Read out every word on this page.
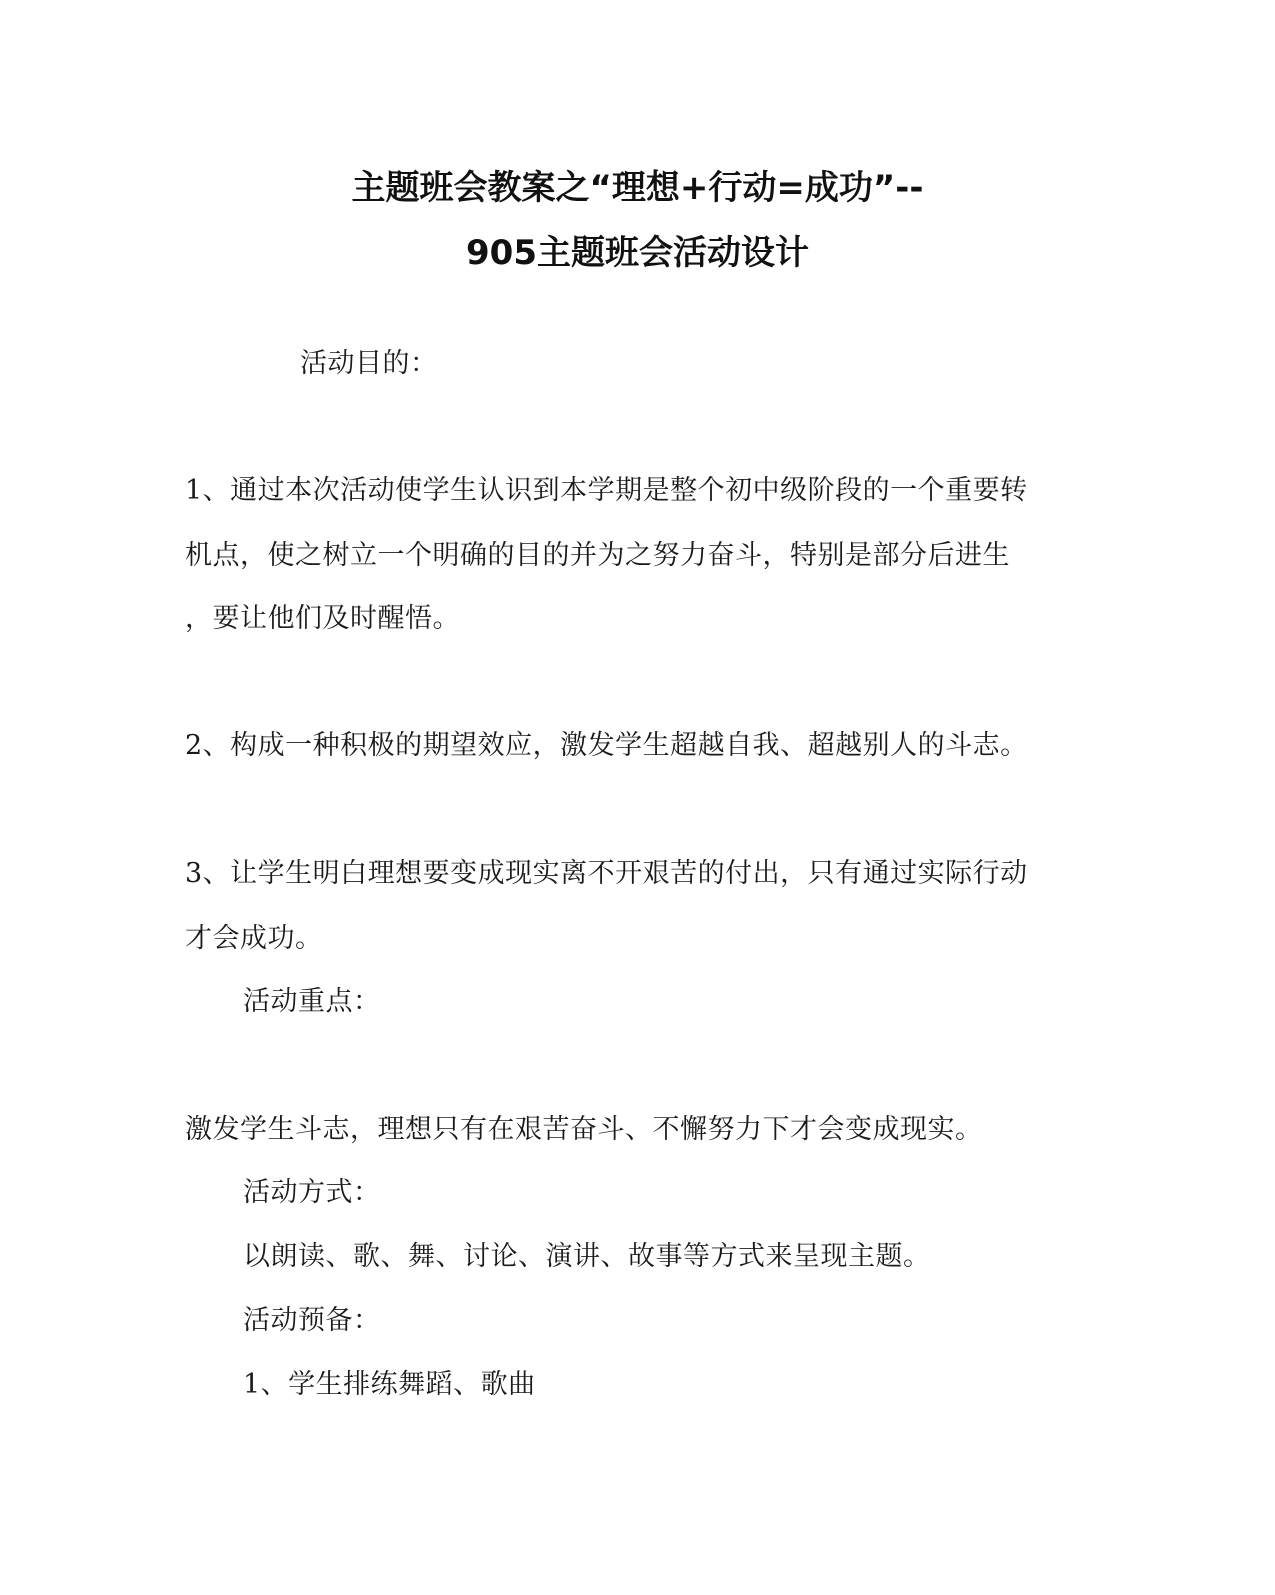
主题班会教案之“理想+行动=成功”--
905主题班会活动设计
活动目的：
1、通过本次活动使学生认识到本学期是整个初中级阶段的一个重要转
机点，使之树立一个明确的目的并为之努力奋斗，特别是部分后进生
，要让他们及时醒悟。
2、构成一种积极的期望效应，激发学生超越自我、超越别人的斗志。
3、让学生明白理想要变成现实离不开艰苦的付出，只有通过实际行动
才会成功。
活动重点：
激发学生斗志，理想只有在艰苦奋斗、不懈努力下才会变成现实。
活动方式：
以朗读、歌、舞、讨论、演讲、故事等方式来呈现主题。
活动预备：
1、学生排练舞蹈、歌曲
